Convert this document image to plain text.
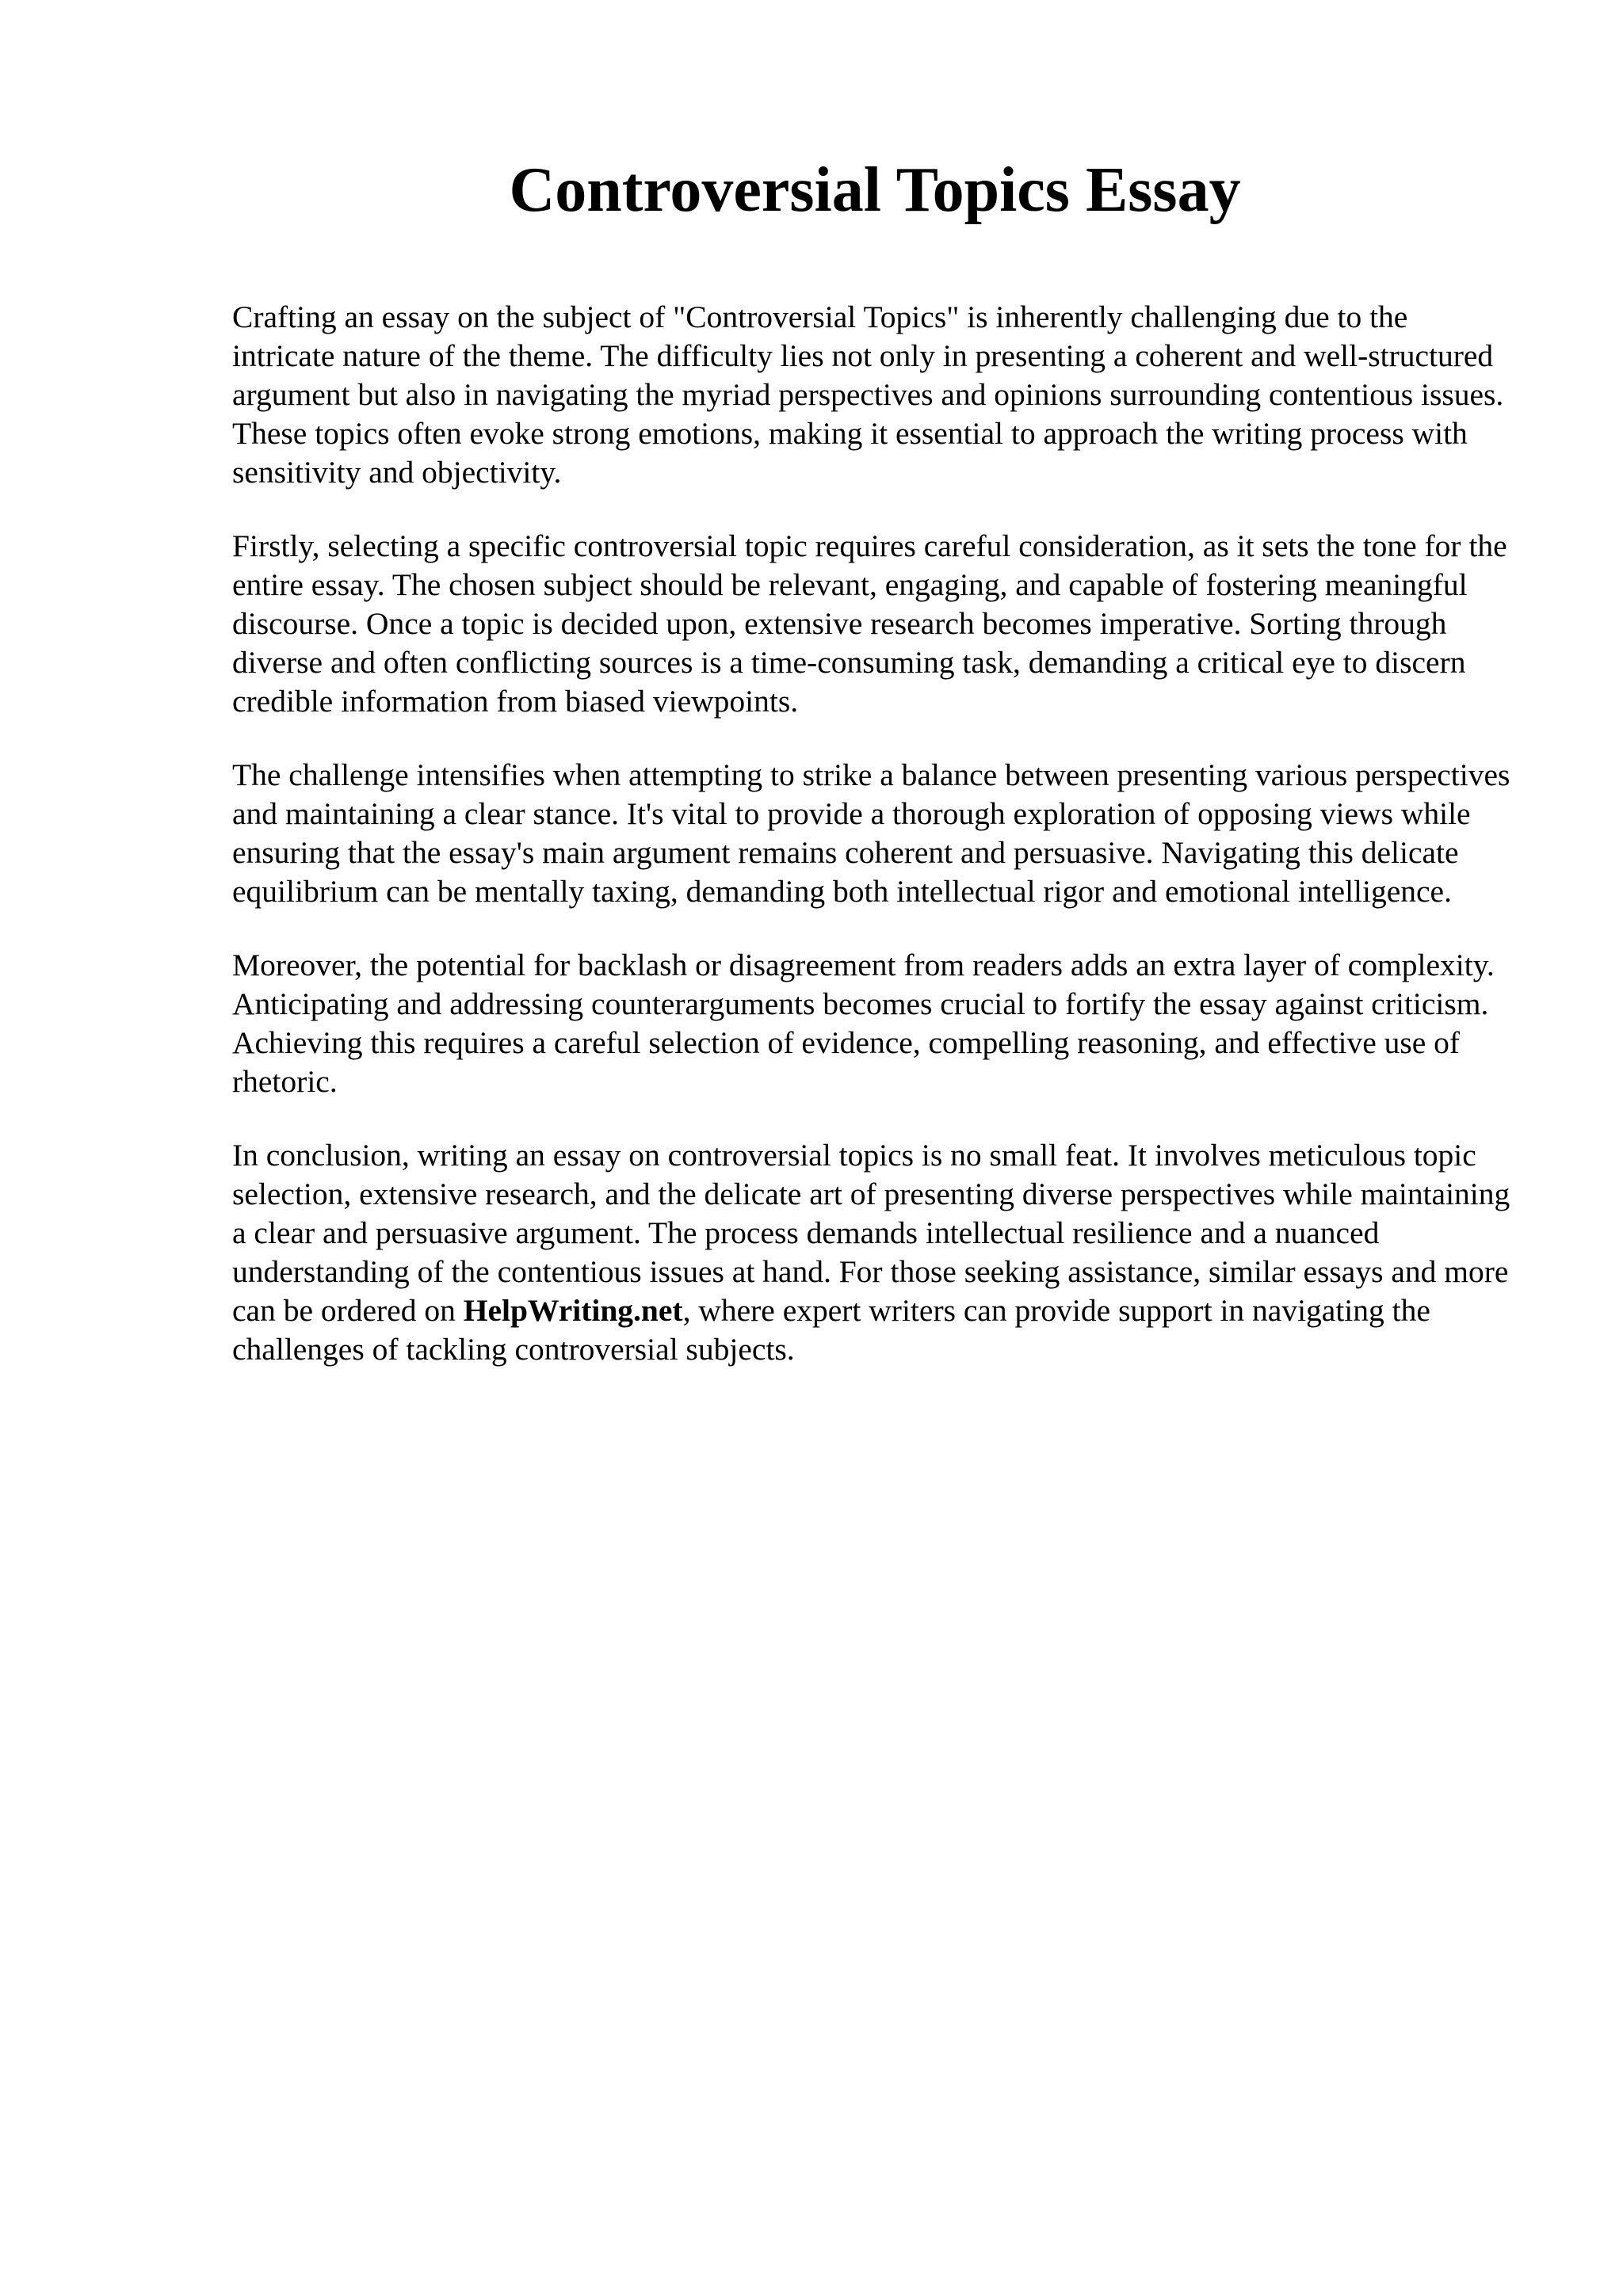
Controversial Topics Essay

Crafting an essay on the subject of "Controversial Topics" is inherently challenging due to the intricate nature of the theme. The difficulty lies not only in presenting a coherent and well-structured argument but also in navigating the myriad perspectives and opinions surrounding contentious issues. These topics often evoke strong emotions, making it essential to approach the writing process with sensitivity and objectivity.

Firstly, selecting a specific controversial topic requires careful consideration, as it sets the tone for the entire essay. The chosen subject should be relevant, engaging, and capable of fostering meaningful discourse. Once a topic is decided upon, extensive research becomes imperative. Sorting through diverse and often conflicting sources is a time-consuming task, demanding a critical eye to discern credible information from biased viewpoints.

The challenge intensifies when attempting to strike a balance between presenting various perspectives and maintaining a clear stance. It's vital to provide a thorough exploration of opposing views while ensuring that the essay's main argument remains coherent and persuasive. Navigating this delicate equilibrium can be mentally taxing, demanding both intellectual rigor and emotional intelligence.

Moreover, the potential for backlash or disagreement from readers adds an extra layer of complexity. Anticipating and addressing counterarguments becomes crucial to fortify the essay against criticism. Achieving this requires a careful selection of evidence, compelling reasoning, and effective use of rhetoric.

In conclusion, writing an essay on controversial topics is no small feat. It involves meticulous topic selection, extensive research, and the delicate art of presenting diverse perspectives while maintaining a clear and persuasive argument. The process demands intellectual resilience and a nuanced understanding of the contentious issues at hand. For those seeking assistance, similar essays and more can be ordered on HelpWriting.net, where expert writers can provide support in navigating the challenges of tackling controversial subjects.
